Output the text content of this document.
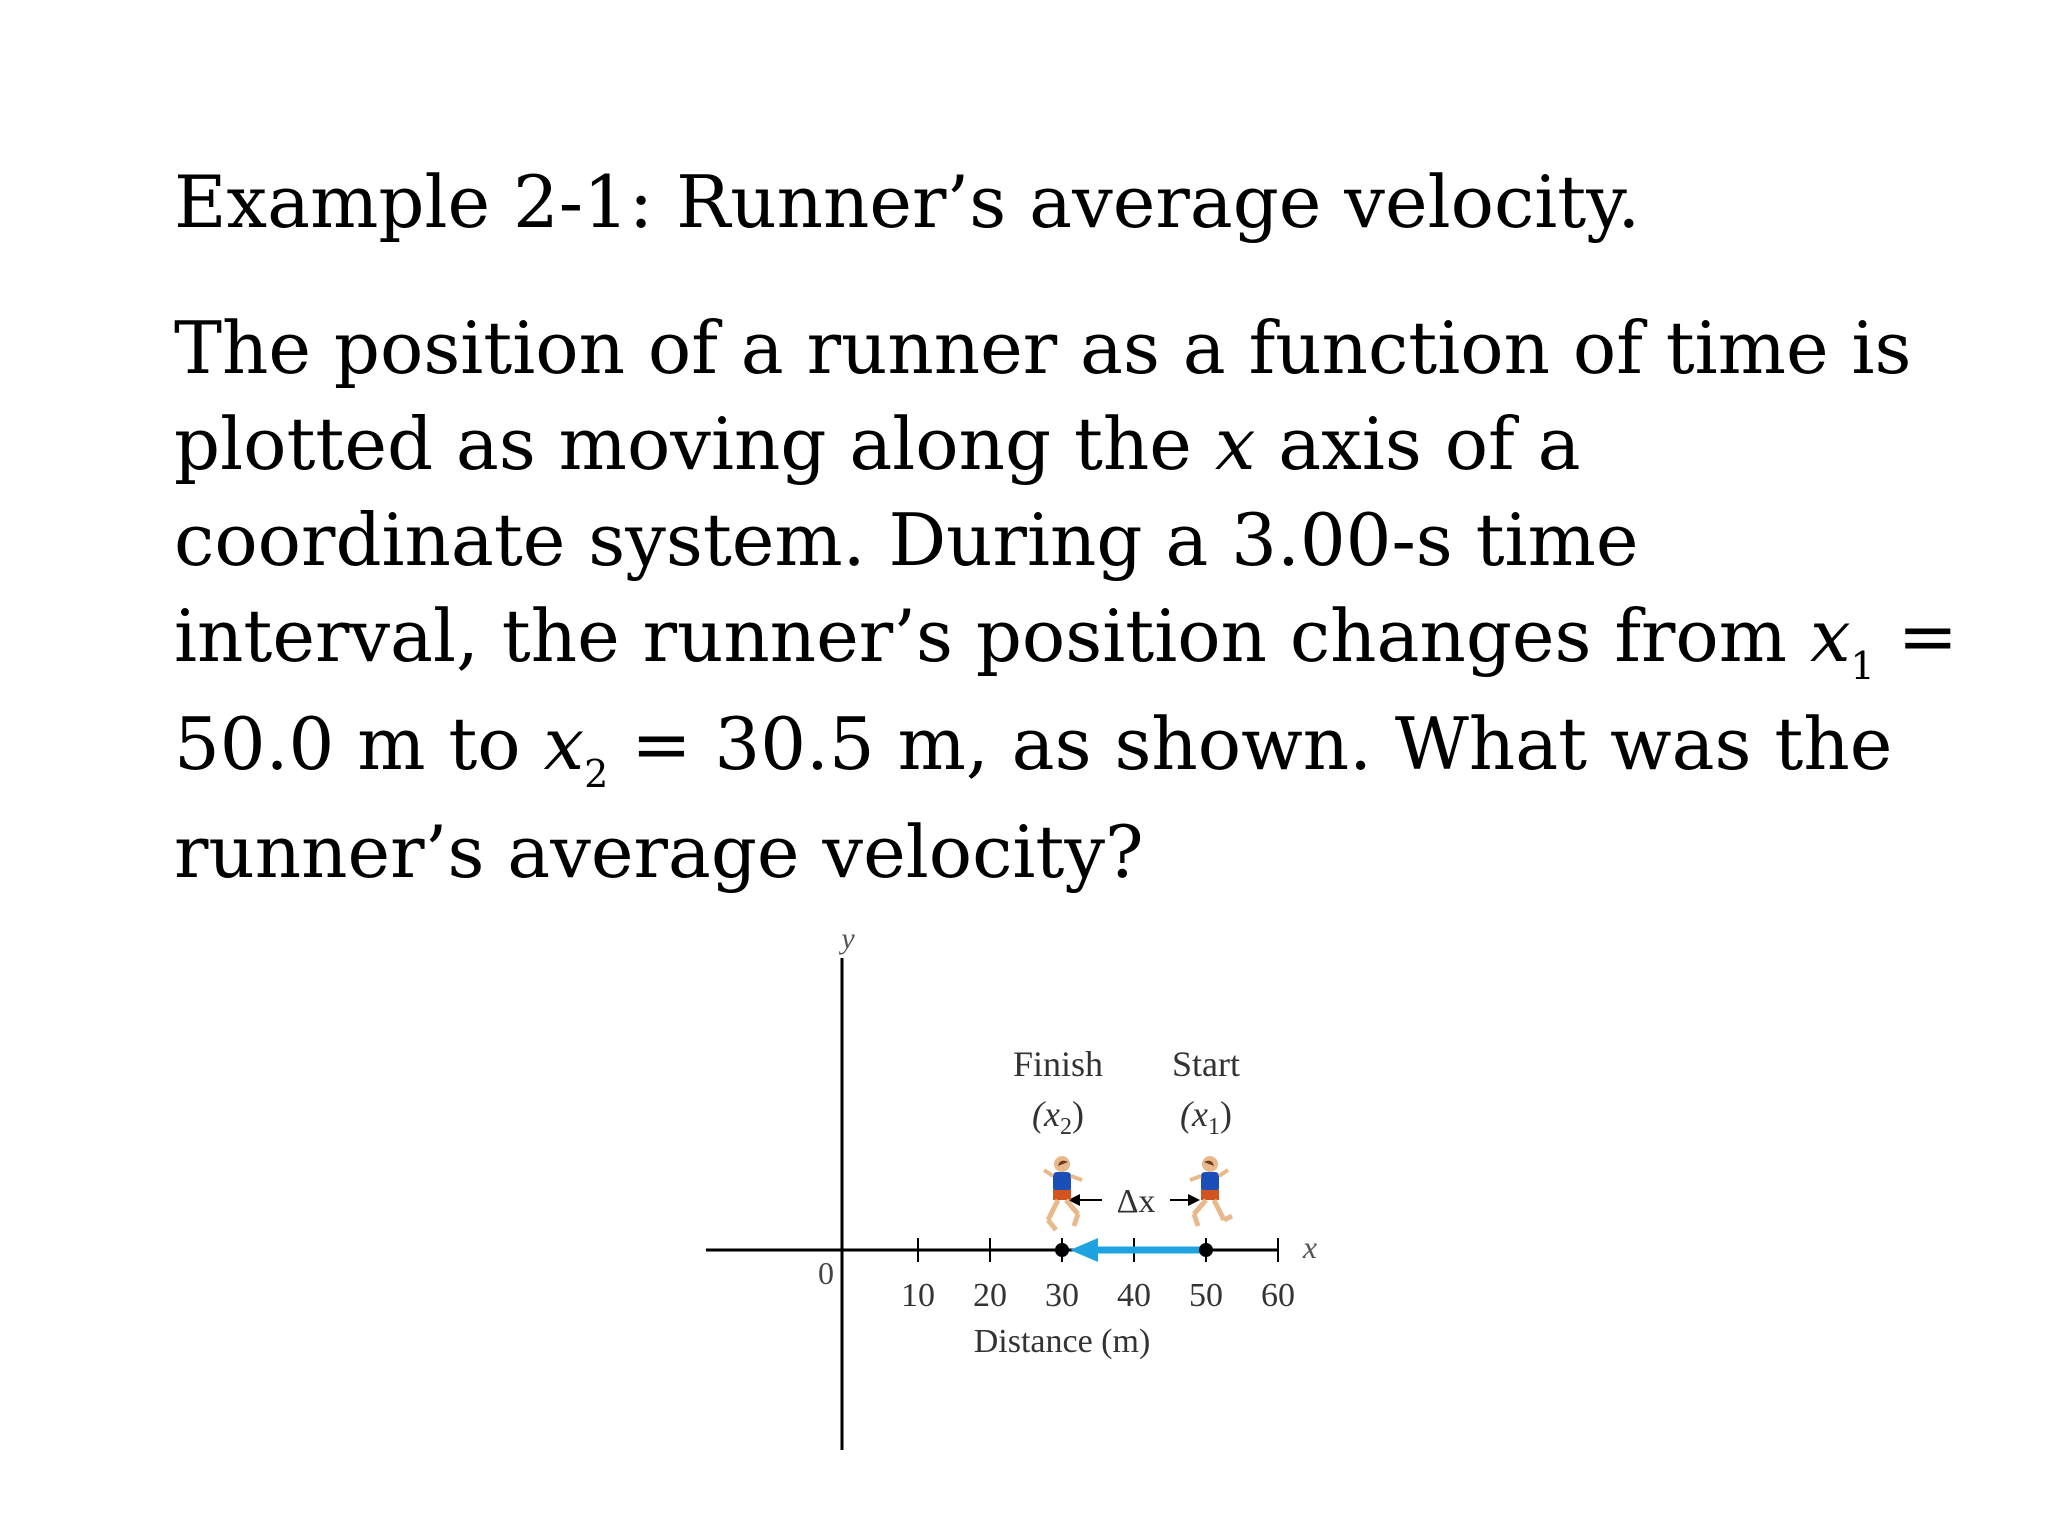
Example 2-1: Runner’s average velocity.
The position of a runner as a function of time is
plotted as moving along the x axis of a
coordinate system. During a 3.00-s time
interval, the runner’s position changes from $x_1$ =
50.0 m to $x_2 = 30.5$ m, as shown. What was the
runner’s average velocity?
y
x
0
10 20 30 40 50 60
Distance (m)
Finish
$(x_2)$
Start
$(x_1)$
Δx
